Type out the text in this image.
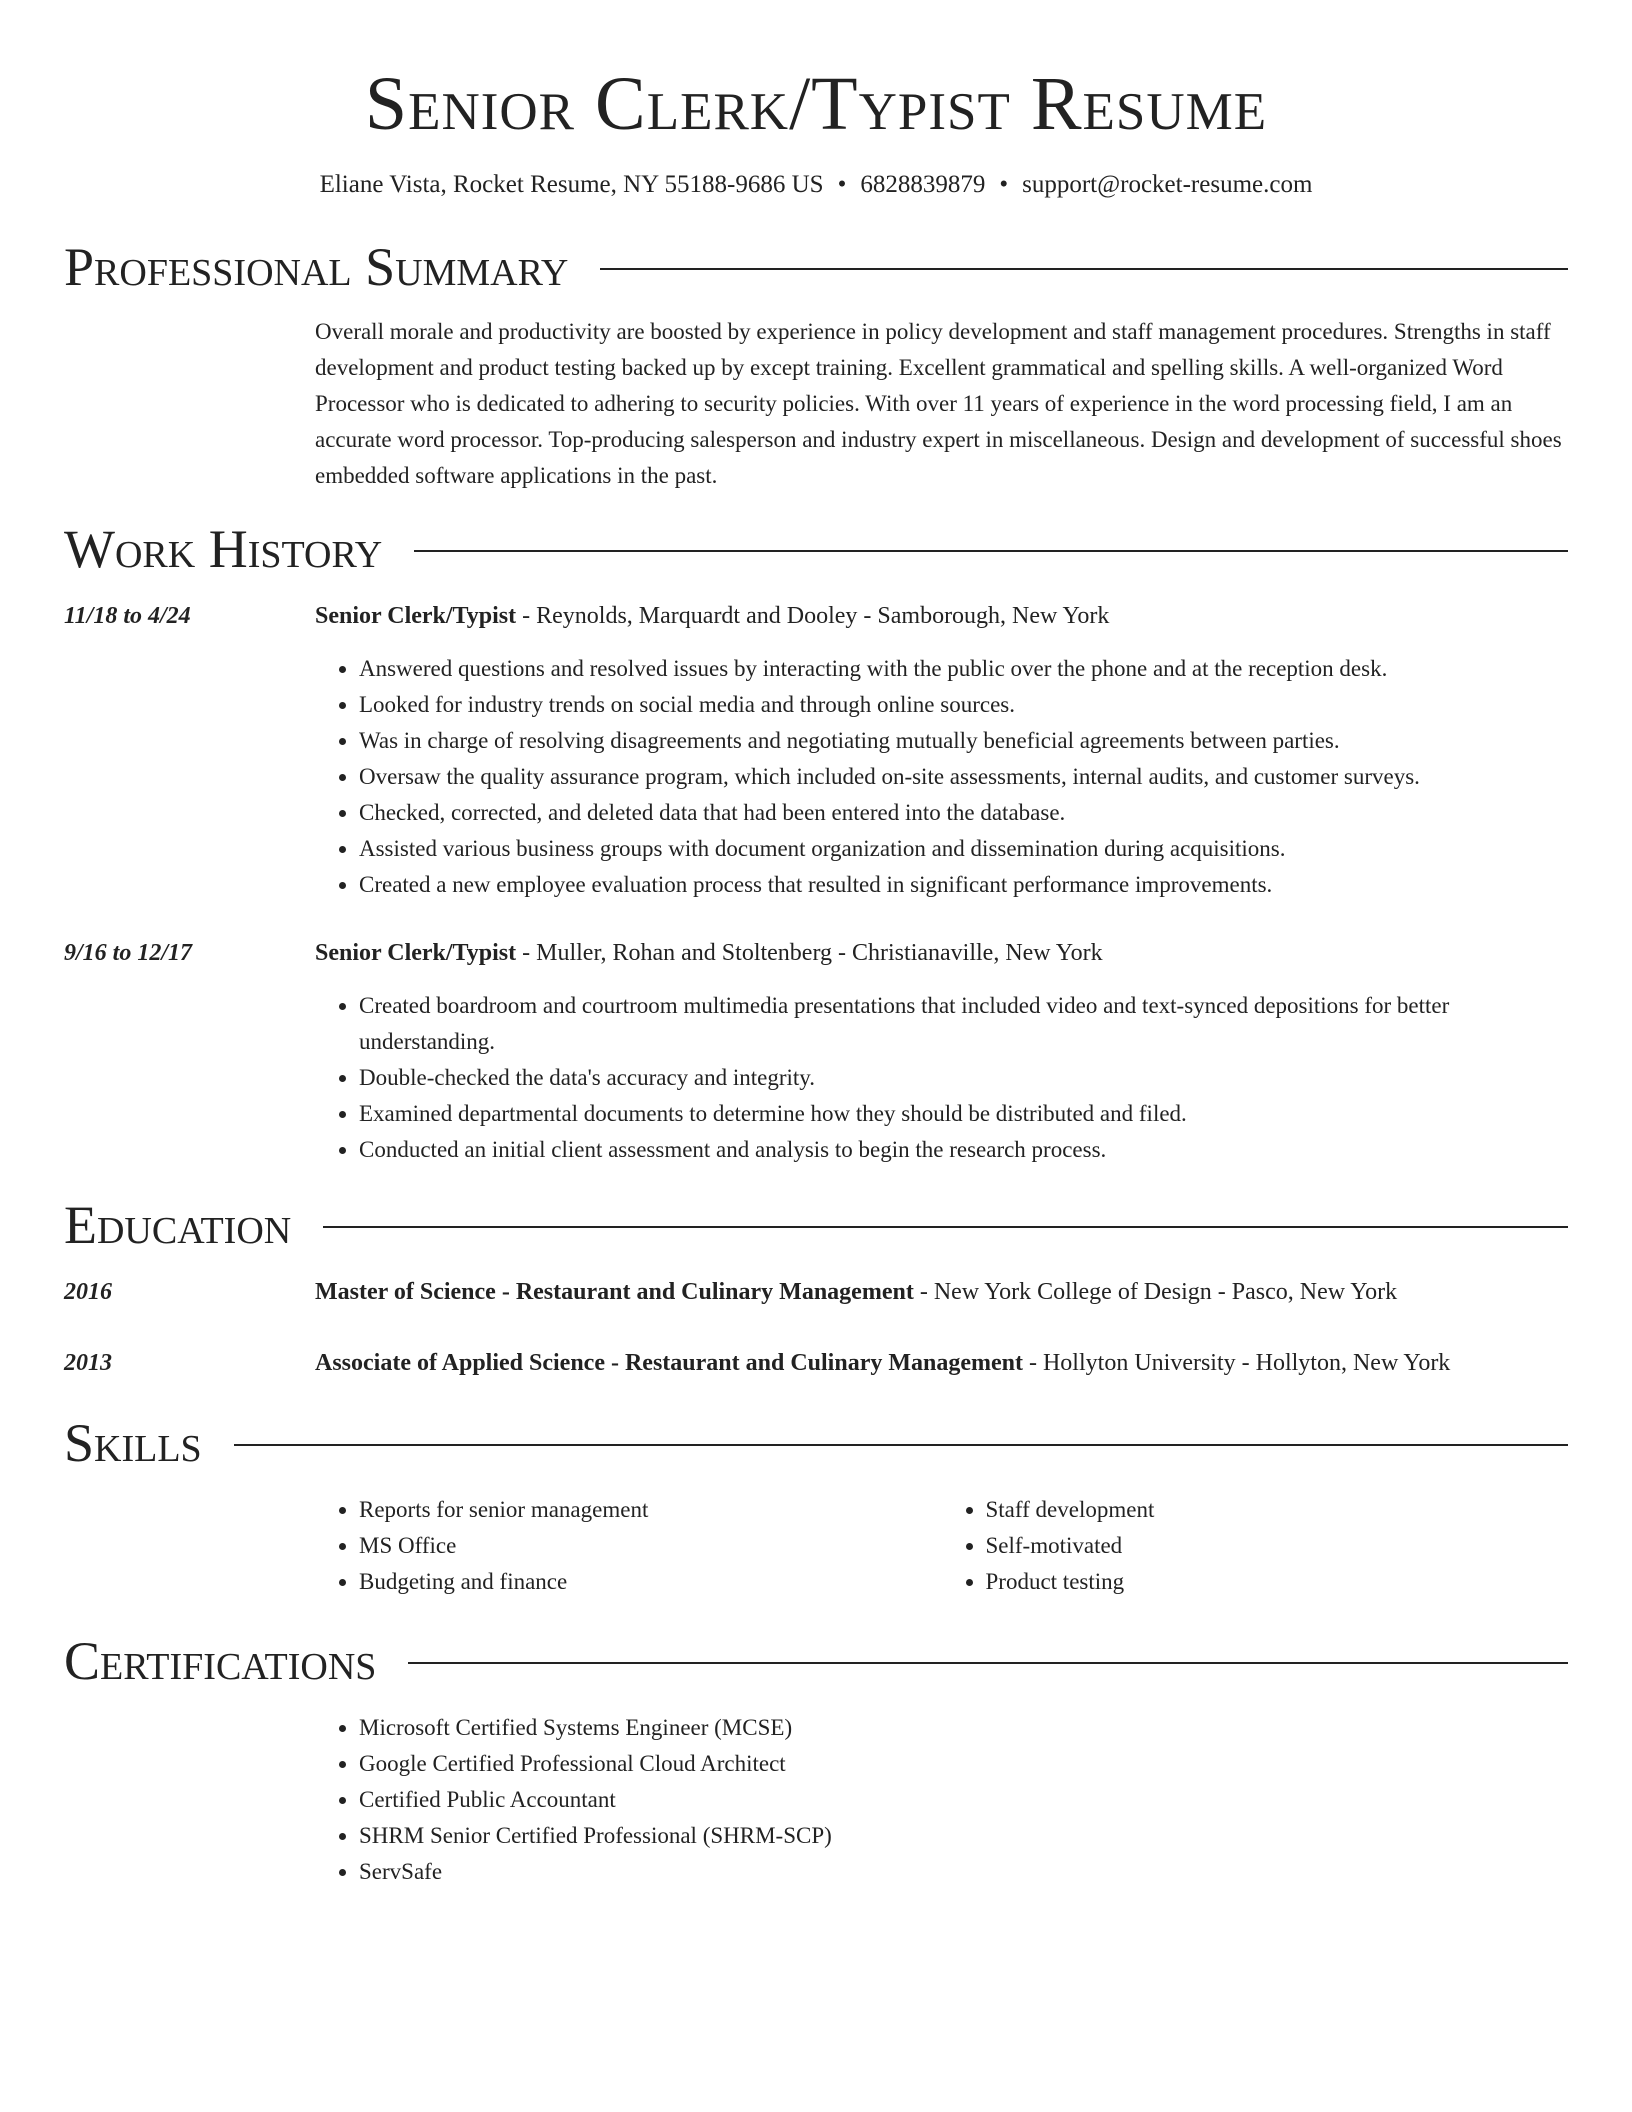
Senior Clerk/Typist Resume
Eliane Vista, Rocket Resume, NY 55188-9686 US • 6828839879 • support@rocket-resume.com
Professional Summary
Overall morale and productivity are boosted by experience in policy development and staff management procedures. Strengths in staff development and product testing backed up by except training. Excellent grammatical and spelling skills. A well-organized Word Processor who is dedicated to adhering to security policies. With over 11 years of experience in the word processing field, I am an accurate word processor. Top-producing salesperson and industry expert in miscellaneous. Design and development of successful shoes embedded software applications in the past.
Work History
11/18 to 4/24	Senior Clerk/Typist - Reynolds, Marquardt and Dooley - Samborough, New York
• Answered questions and resolved issues by interacting with the public over the phone and at the reception desk.
• Looked for industry trends on social media and through online sources.
• Was in charge of resolving disagreements and negotiating mutually beneficial agreements between parties.
• Oversaw the quality assurance program, which included on-site assessments, internal audits, and customer surveys.
• Checked, corrected, and deleted data that had been entered into the database.
• Assisted various business groups with document organization and dissemination during acquisitions.
• Created a new employee evaluation process that resulted in significant performance improvements.
9/16 to 12/17	Senior Clerk/Typist - Muller, Rohan and Stoltenberg - Christianaville, New York
• Created boardroom and courtroom multimedia presentations that included video and text-synced depositions for better understanding.
• Double-checked the data's accuracy and integrity.
• Examined departmental documents to determine how they should be distributed and filed.
• Conducted an initial client assessment and analysis to begin the research process.
Education
2016	Master of Science - Restaurant and Culinary Management - New York College of Design - Pasco, New York
2013	Associate of Applied Science - Restaurant and Culinary Management - Hollyton University - Hollyton, New York
Skills
• Reports for senior management
• MS Office
• Budgeting and finance
• Staff development
• Self-motivated
• Product testing
Certifications
• Microsoft Certified Systems Engineer (MCSE)
• Google Certified Professional Cloud Architect
• Certified Public Accountant
• SHRM Senior Certified Professional (SHRM-SCP)
• ServSafe
